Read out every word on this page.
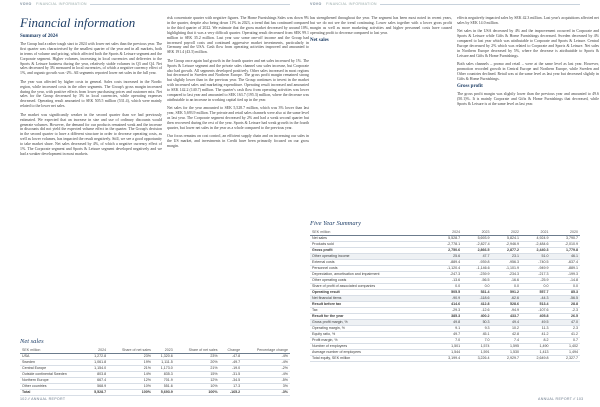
VOVO FINANCIAL INFORMATION	VOVO FINANCIAL INFORMATION
Financial information
Summary of 2024

The Group had a rather tough start to 2024 with lower net sales than the previous year. The first quarter was characterised by the smallest quarter of the year and in all markets, both in terms of volume and pricing, which affected both the Sports & Leisure segment and the Corporate segment. Higher volumes, increasing in local currencies and deliveries to the Sports & Leisure business during the year, relatively stable volumes in Q3 and Q4. Net sales decreased by 3% measured in local currencies, of which a negative currency effect of 1%, and organic growth was -2%. All segments reported lower net sales in the full year.

The year was affected by higher costs in general. Sales costs increased in the Nordic region, while increased costs in the other segments. The Group's gross margin increased during the year, with positive effects from lower purchasing prices and customer mix. Net sales for the Group decreased by 3% in local currencies, while operating expenses decreased. Operating result amounted to SEK 505.5 million (531.4), which were mainly related to the lower net sales.

The market was significantly weaker in the second quarter than we had previously estimated. We expected that an increase in size and use of ordinary discounts would generate volumes. However, the demand for our products remained weak and the increase in discounts did not yield the expected volume effect in the quarter. The Group's decision in the second quarter to have a different structure in order to decrease operating costs, as well as lower volumes, has impacted the result negatively. Still, we see a good opportunity to take market share. Net sales decreased by 4%, of which a negative currency effect of 1%. The Corporate segment and Sports & Leisure segment developed negatively and we had a weaker development in most markets.

risk concentrate quarter with negative figures. The Home Furnishings Sales was down 9% in the quarter, despite also being down 11% in 2023, a trend that has continued compared to the third quarter of 2022. We estimate that the gross market decreased by around 10%, highlighting that it was a very difficult quarter. Operating result decreased from SEK 99.1 million to SEK 35.2 million. Last year saw some one-off income and the Group had increased payroll costs and continued aggressive market investments, particularly in Germany and the USA. Cash flow from operating activities improved and amounted to SEK 191.4 (43.5) million.

The Group once again had growth in the fourth quarter and net sales increased by 1%. The Sports & Leisure segment and the private sales channel saw sales increase, but Corporate also had growth. All segments developed positively. Other sales increased in most regions but decreased in Sweden and Northern Europe. The gross profit margin remained strong but slightly lower than in the previous year. The Group continues to invest in the market with increased sales and marketing expenditure. Operating result increased and amounted to SEK 142.2 (140.7) million. The quarter's cash flow from operating activities was lower compared to last year and amounted to SEK 163.7 (195.3) million, where the decrease was attributable to an increase in working capital tied up in the year.

Net sales for the year amounted to SEK 5,528.7 million, which was 3% lower than last year, SEK 5,693.9 million. The private and retail sales channels were also at the same level as last year. The Corporate segment decreased by 2% and had a weak second quarter but then recovered during the rest of the year. Sports & Leisure had weak growth in the fourth quarter, but lower net sales in the year as a whole compared to the previous year.

Our focus remains on cost control, an efficient supply chain and on increasing our sales in the US market, and investments in Credit have been primarily focused on our gross margin.

Net sales
SEK million	2024	Share of net sales	2023	Share of net sales	Change	Percentage change
USA	1,272.8	23%	1,320.6	23%	-47.8	-4%
Sweden	1,061.8	19%	1,111.5	20%	-49.7	-4%
Central Europe	1,154.0	21%	1,173.0	21%	-19.0	-2%
Outside continental Sweden	803.8	14%	835.3	15%	-31.5	-4%
Northern Europe	667.4	12%	701.9	12%	-34.5	-5%
Other countries	568.9	10%	551.6	10%	17.3	3%
Total	5,528.7	100%	5,693.9	100%	-165.2	-3%

has strengthened throughout the year. The segment has been most noted in recent years, but we do not see the trend continuing. Lower sales together with a lower gross profit margin as well as more marketing activities and higher personnel costs have caused operating profit to decrease compared to last year.

Net sales

effects negatively impacted sales by SEK 42.3 million. Last year's acquisitions affected net sales by SEK 14.0 million.

Net sales in the USA decreased by 4% and the improvement occurred in Corporate and Sports & Leisure while Gifts & Home Furnishings decreased. Sweden decreased by 4% compared to last year which was attributable to Corporate and Sports & Leisure. Central Europe decreased by 2% which was related to Corporate and Sports & Leisure. Net sales in Northern Europe decreased by 5%, where the decrease is attributable to Sports & Leisure and Gifts & Home Furnishings.

Both sales channels – promo and retail – were at the same level as last year. However, promotion recorded growth in Central Europe and Northern Europe, while Sweden and Other countries declined. Retail was at the same level as last year but decreased slightly in Gifts & Home Furnishings.

Gross profit

The gross profit margin was slightly lower than the previous year and amounted to 49.6 (50.1)%. It is mainly Corporate and Gifts & Home Furnishings that decreased, while Sports & Leisure is at the same level as last year.

Five Year Summary
SEK million	2024	2023	2022	2021	2020
Net sales	5,528.7	5,693.9	5,824.1	4,924.9	3,790.7
Products sold	-2,778.1	-2,827.4	-2,946.9	-2,484.6	-2,010.9
Gross profit	2,750.6	2,866.5	2,877.2	2,440.3	1,779.8
Other operating income	25.6	47.7	23.1	51.0	46.1
External costs	-889.4	-939.8	-956.3	-740.5	-637.4
Personnel costs	-1,120.4	-1,146.6	-1,101.9	-949.9	-889.1
Depreciation, amortisation and impairment	-247.3	-239.9	-234.3	-217.3	-199.3
Other operating costs	-13.6	-56.5	-16.6	-25.9	-14.8
Share of profit of associated companies	0.0	0.0	0.0	0.0	0.0
Operating result	505.5	531.4	591.2	557.7	85.3
Net financial items	-90.9	-118.6	-62.6	-44.3	-56.5
Result before tax	414.6	412.8	528.6	513.4	28.8
Tax	-29.3	-12.6	-94.9	-107.6	-2.3
Result for the year	385.3	400.2	433.7	405.8	26.5
Gross profit margin, %	49.8	50.3	49.4	49.5	47.0
Operating margin, %	9.1	9.3	10.2	11.3	2.3
Equity ratio, %	49.7	45.1	42.8	41.2	41.2
Profit margin, %	7.0	7.0	7.4	8.2	0.7
Number of employees	1,501	1,574	1,595	1,490	1,402
Average number of employees	1,544	1,591	1,530	1,413	1,494
Total equity, SEK million	3,199.4	3,226.4	2,929.7	2,649.8	2,327.7
102 ⁄⁄ ANNUAL REPORT	ANNUAL REPORT ⁄⁄ 103
